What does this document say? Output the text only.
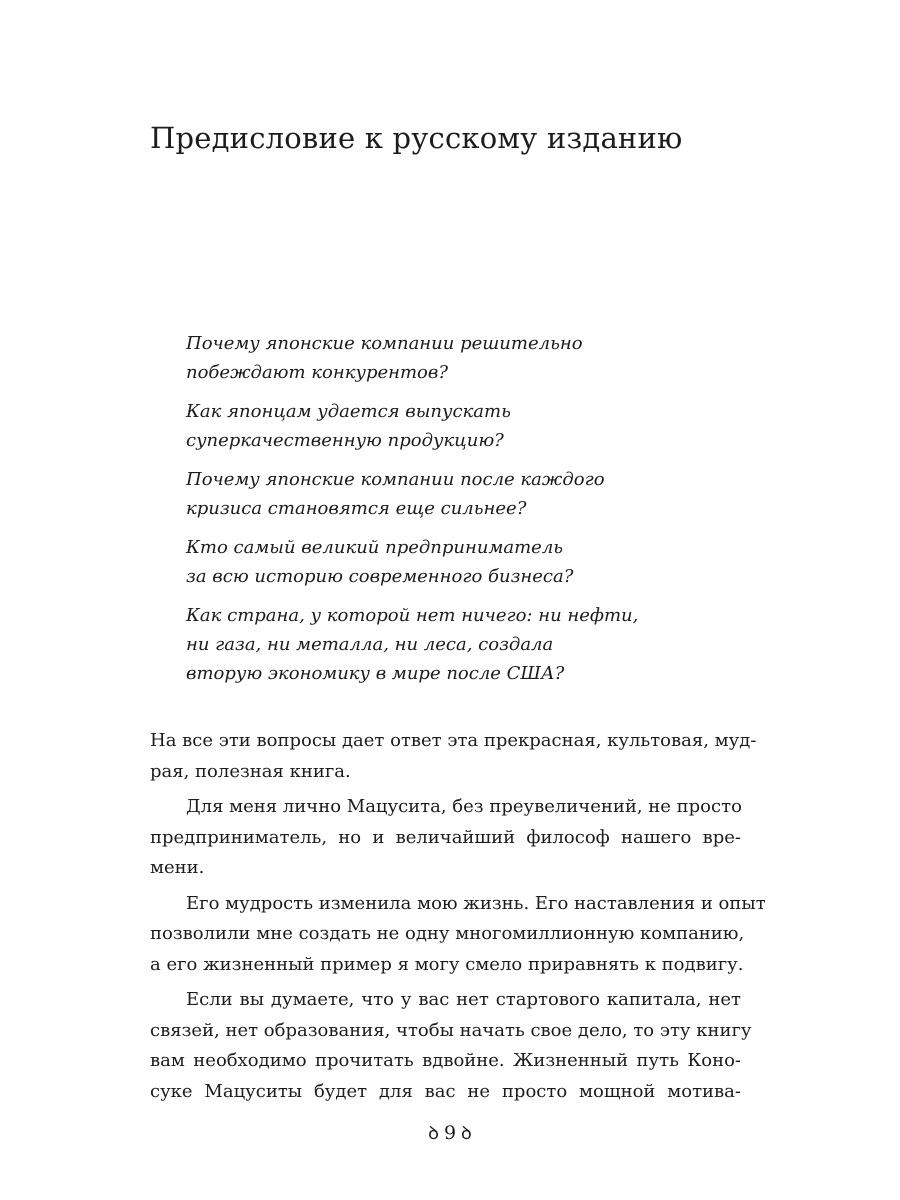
Предисловие к русскому изданию

Почему японские компании решительно
побеждают конкурентов?

Как японцам удается выпускать
суперкачественную продукцию?

Почему японские компании после каждого
кризиса становятся еще сильнее?

Кто самый великий предприниматель
за всю историю современного бизнеса?

Как страна, у которой нет ничего: ни нефти,
ни газа, ни металла, ни леса, создала
вторую экономику в мире после США?

На все эти вопросы дает ответ эта прекрасная, культовая, муд-
рая, полезная книга.

Для меня лично Мацусита, без преувеличений, не просто
предприниматель, но и величайший философ нашего вре-
мени.

Его мудрость изменила мою жизнь. Его наставления и опыт
позволили мне создать не одну многомиллионную компанию,
а его жизненный пример я могу смело приравнять к подвигу.

Если вы думаете, что у вас нет стартового капитала, нет
связей, нет образования, чтобы начать свое дело, то эту книгу
вам необходимо прочитать вдвойне. Жизненный путь Коно-
суке Мацуситы будет для вас не просто мощной мотива-

ꝺ 9 ꝺ
